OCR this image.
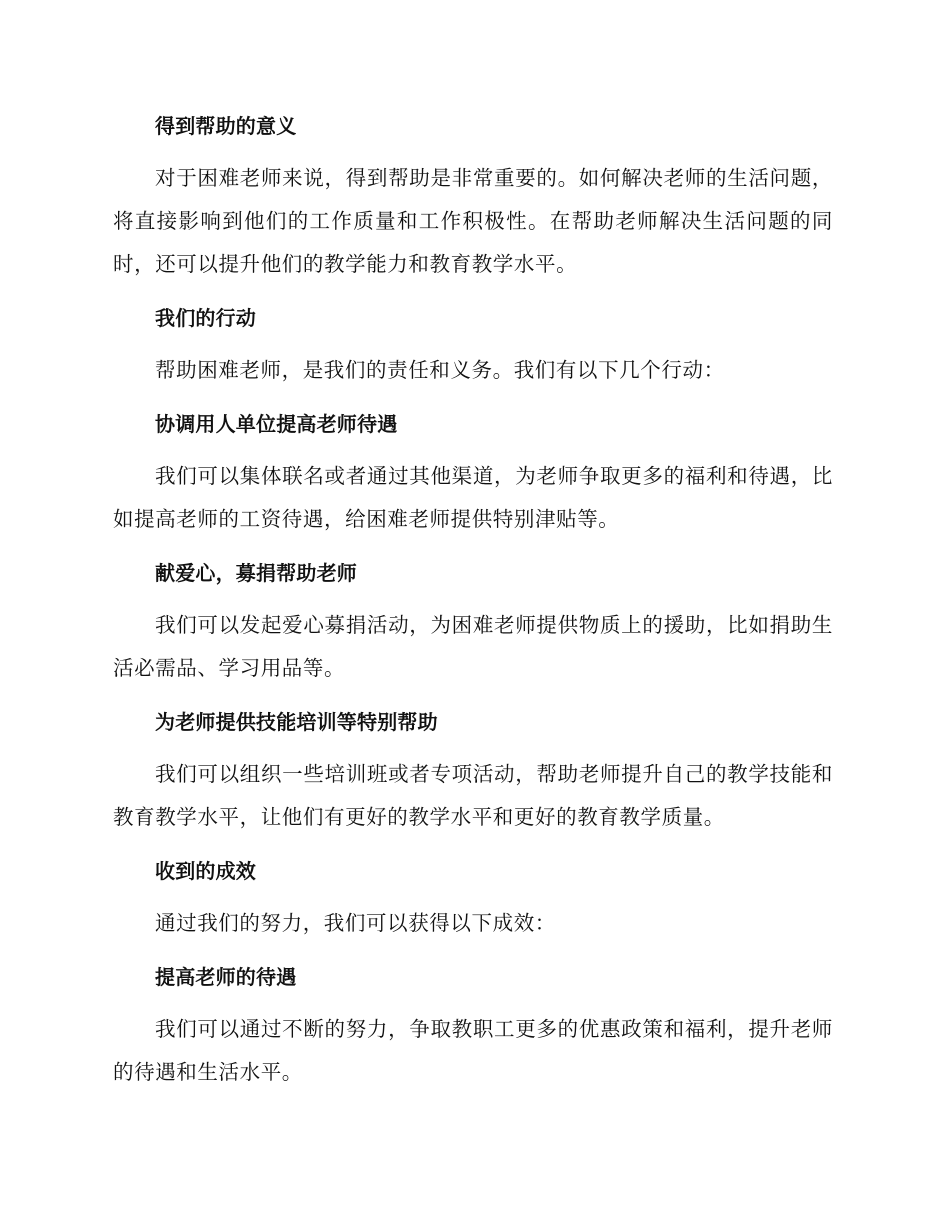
得到帮助的意义

对于困难老师来说，得到帮助是非常重要的。如何解决老师的生活问题，将直接影响到他们的工作质量和工作积极性。在帮助老师解决生活问题的同时，还可以提升他们的教学能力和教育教学水平。

我们的行动

帮助困难老师，是我们的责任和义务。我们有以下几个行动：

协调用人单位提高老师待遇

我们可以集体联名或者通过其他渠道，为老师争取更多的福利和待遇，比如提高老师的工资待遇，给困难老师提供特别津贴等。

献爱心，募捐帮助老师

我们可以发起爱心募捐活动，为困难老师提供物质上的援助，比如捐助生活必需品、学习用品等。

为老师提供技能培训等特别帮助

我们可以组织一些培训班或者专项活动，帮助老师提升自己的教学技能和教育教学水平，让他们有更好的教学水平和更好的教育教学质量。

收到的成效

通过我们的努力，我们可以获得以下成效：

提高老师的待遇

我们可以通过不断的努力，争取教职工更多的优惠政策和福利，提升老师的待遇和生活水平。
